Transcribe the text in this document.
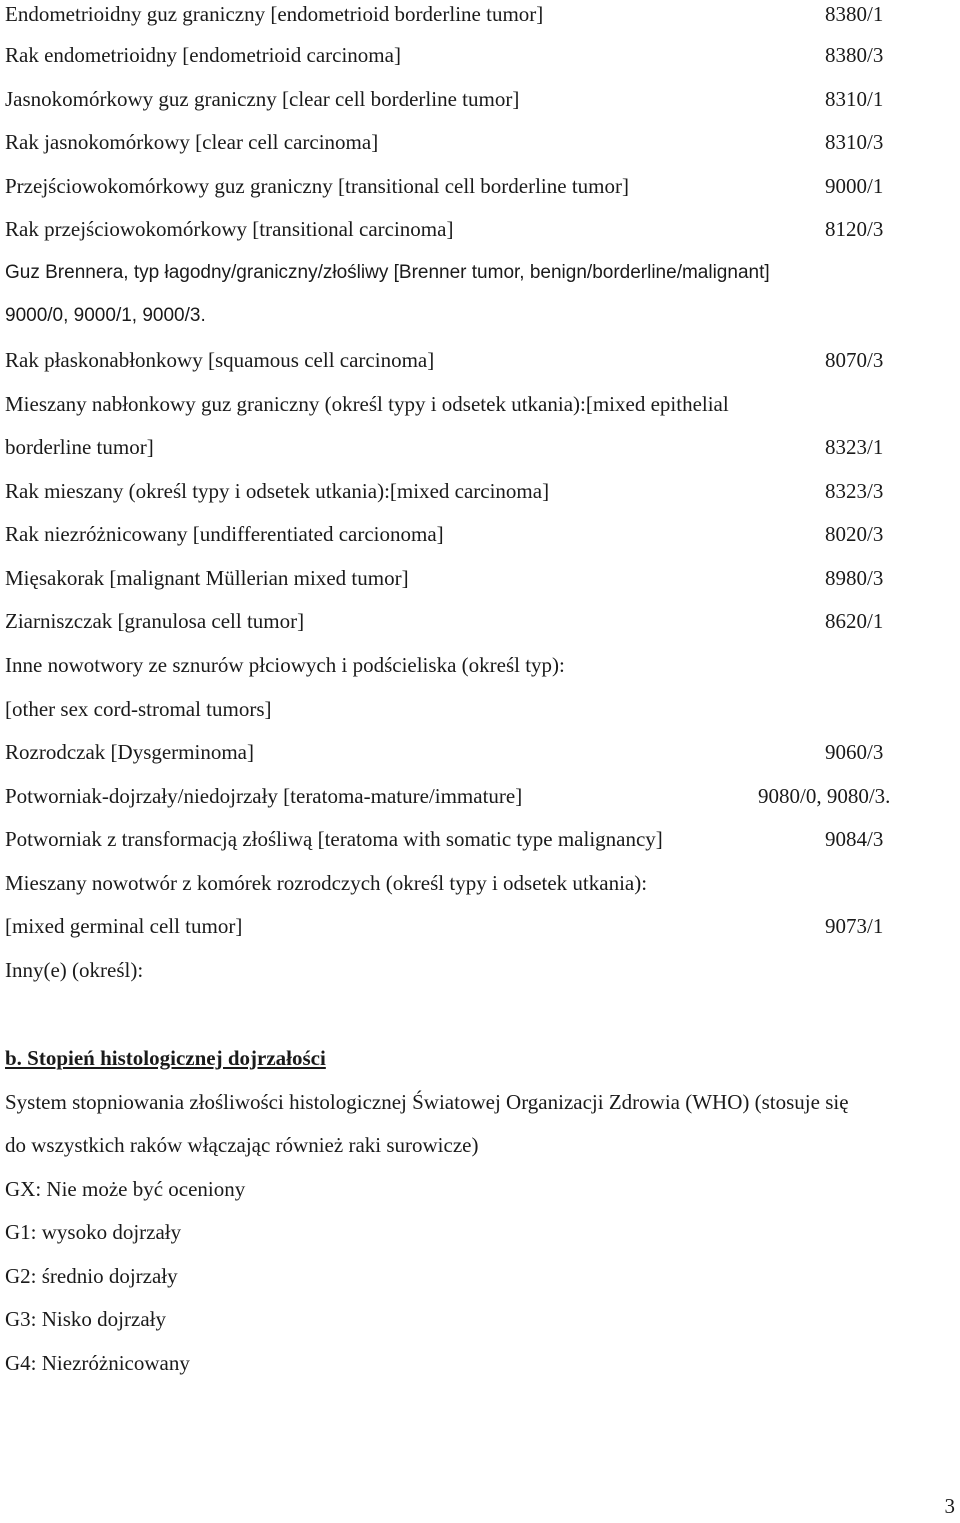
Endometrioidny guz graniczny [endometrioid borderline tumor]	8380/1
Rak endometrioidny [endometrioid carcinoma]	8380/3
Jasnokomórkowy guz graniczny [clear cell borderline tumor]	8310/1
Rak jasnokomórkowy [clear cell carcinoma]	8310/3
Przejściowokomórkowy guz graniczny [transitional cell borderline tumor]	9000/1
Rak przejściowokomórkowy [transitional carcinoma]	8120/3
Guz Brennera, typ łagodny/graniczny/złośliwy [Brenner tumor, benign/borderline/malignant]
9000/0, 9000/1, 9000/3.
Rak płaskonabłonkowy [squamous cell carcinoma]	8070/3
Mieszany nabłonkowy guz graniczny (określ typy i odsetek utkania):[mixed epithelial
borderline tumor]	8323/1
Rak mieszany (określ typy i odsetek utkania):[mixed carcinoma]	8323/3
Rak niezróżnicowany [undifferentiated carcionoma]	8020/3
Mięsakorak [malignant Müllerian mixed tumor]	8980/3
Ziarniszczak [granulosa cell tumor]	8620/1
Inne nowotwory ze sznurów płciowych i podścieliska (określ typ):
[other sex cord-stromal tumors]
Rozrodczak [Dysgerminoma]	9060/3
Potworniak-dojrzały/niedojrzały [teratoma-mature/immature]	9080/0, 9080/3.
Potworniak z transformacją złośliwą [teratoma with somatic type malignancy]	9084/3
Mieszany nowotwór z komórek rozrodczych (określ typy i odsetek utkania):
[mixed germinal cell tumor]	9073/1
Inny(e) (określ):
b. Stopień histologicznej dojrzałości
System stopniowania złośliwości histologicznej Światowej Organizacji Zdrowia (WHO) (stosuje się
do wszystkich raków włączając również raki surowicze)
GX: Nie może być oceniony
G1: wysoko dojrzały
G2: średnio dojrzały
G3: Nisko dojrzały
G4: Niezróżnicowany
3
